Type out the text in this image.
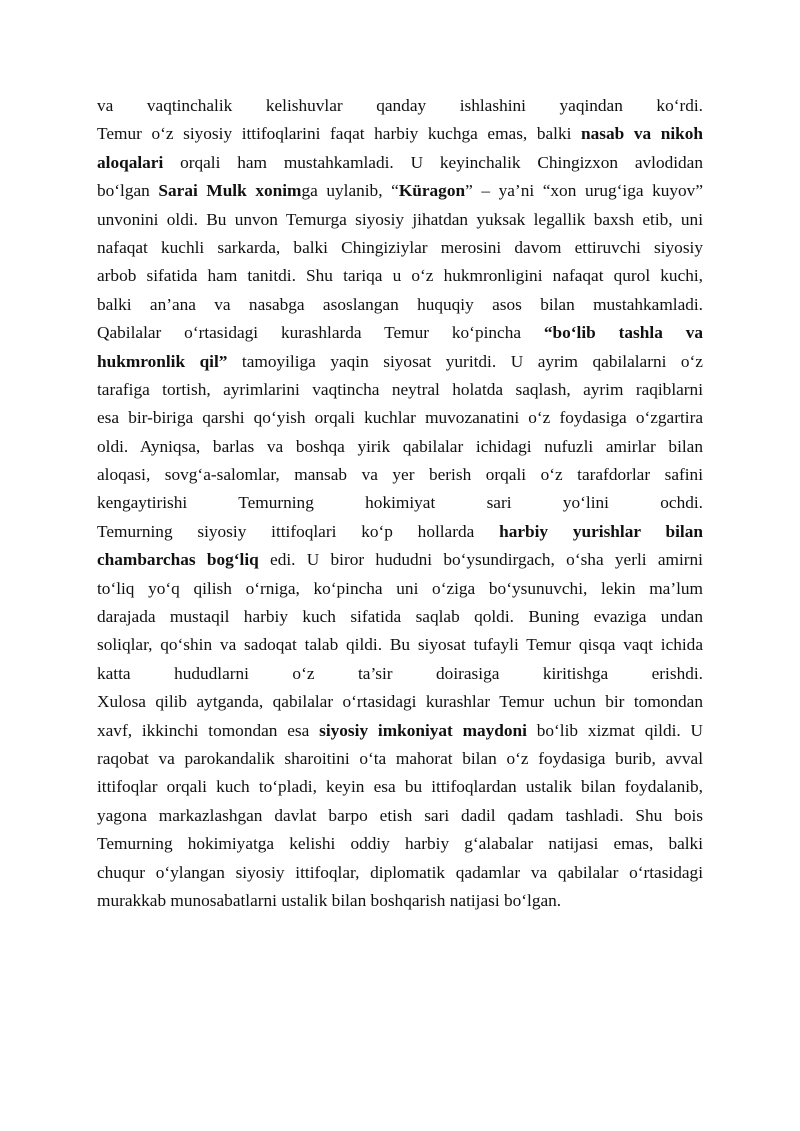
va vaqtinchalik kelishuvlar qanday ishlashini yaqindan koʻrdi.
Temur oʻz siyosiy ittifoqlarini faqat harbiy kuchga emas, balki nasab va nikoh
aloqalari orqali ham mustahkamladi. U keyinchalik Chingizxon avlodidan
boʻlgan Sarai Mulk xonimga uylanib, “Küragon” – ya’ni “xon urugʻiga kuyov”
unvonini oldi. Bu unvon Temurga siyosiy jihatdan yuksak legallik baxsh etib, uni
nafaqat kuchli sarkarda, balki Chingiziylar merosini davom ettiruvchi siyosiy
arbob sifatida ham tanitdi. Shu tariqa u oʻz hukmronligini nafaqat qurol kuchi,
balki an’ana va nasabga asoslangan huquqiy asos bilan mustahkamladi.
Qabilalar oʻrtasidagi kurashlarda Temur koʻpincha “boʻlib tashla va
hukmronlik qil” tamoyiliga yaqin siyosat yuritdi. U ayrim qabilalarni oʻz
tarafiga tortish, ayrimlarini vaqtincha neytral holatda saqlash, ayrim raqiblarni
esa bir-biriga qarshi qoʻyish orqali kuchlar muvozanatini oʻz foydasiga oʻzgartira
oldi. Ayniqsa, barlas va boshqa yirik qabilalar ichidagi nufuzli amirlar bilan
aloqasi, sovgʻa-salomlar, mansab va yer berish orqali oʻz tarafdorlar safini
kengaytirishi Temurning hokimiyat sari yoʻlini ochdi.
Temurning siyosiy ittifoqlari koʻp hollarda harbiy yurishlar bilan
chambarchas bogʻliq edi. U biror hududni boʻysundirgach, oʻsha yerli amirni
toʻliq yoʻq qilish oʻrniga, koʻpincha uni oʻziga boʻysunuvchi, lekin ma’lum
darajada mustaqil harbiy kuch sifatida saqlab qoldi. Buning evaziga undan
soliqlar, qoʻshin va sadoqat talab qildi. Bu siyosat tufayli Temur qisqa vaqt ichida
katta hududlarni oʻz ta’sir doirasiga kiritishga erishdi.
Xulosa qilib aytganda, qabilalar oʻrtasidagi kurashlar Temur uchun bir tomondan
xavf, ikkinchi tomondan esa siyosiy imkoniyat maydoni boʻlib xizmat qildi. U
raqobat va parokandalik sharoitini oʻta mahorat bilan oʻz foydasiga burib, avval
ittifoqlar orqali kuch toʻpladi, keyin esa bu ittifoqlardan ustalik bilan foydalanib,
yagona markazlashgan davlat barpo etish sari dadil qadam tashladi. Shu bois
Temurning hokimiyatga kelishi oddiy harbiy gʻalabalar natijasi emas, balki
chuqur oʻylangan siyosiy ittifoqlar, diplomatik qadamlar va qabilalar oʻrtasidagi
murakkab munosabatlarni ustalik bilan boshqarish natijasi boʻlgan.
